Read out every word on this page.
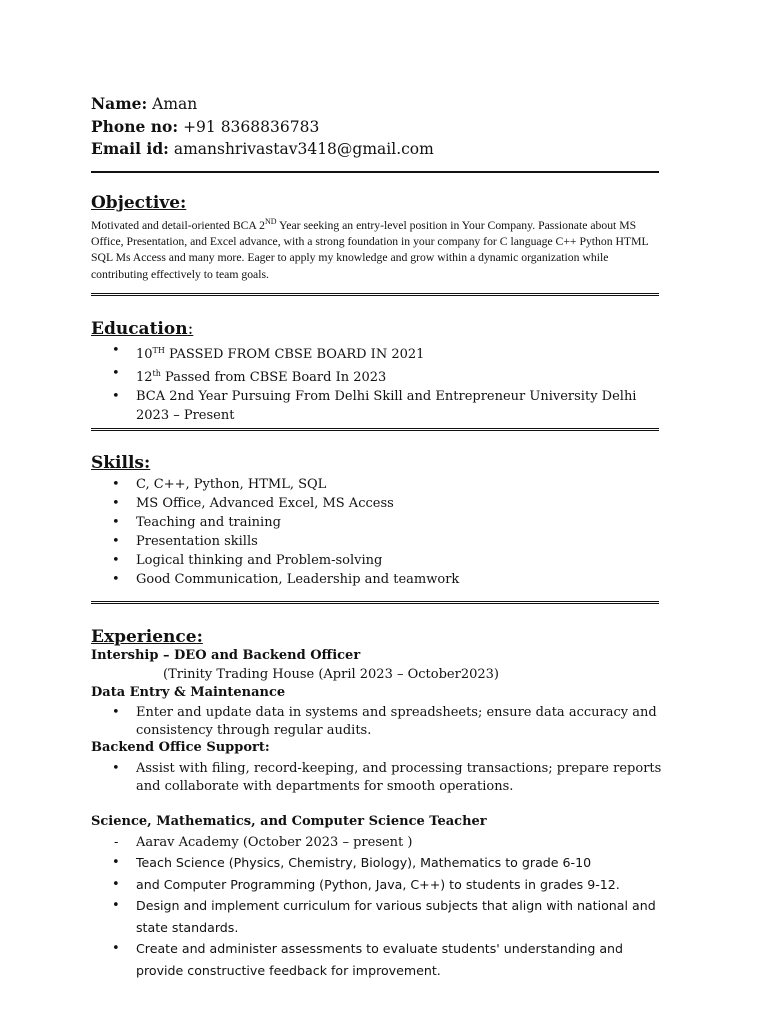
Name: Aman
Phone no: +91 8368836783
Email id: amanshrivastav3418@gmail.com
Objective:
Motivated and detail-oriented BCA 2ND Year seeking an entry-level position in Your Company. Passionate about MS Office, Presentation, and Excel advance, with a strong foundation in your company for C language C++ Python HTML SQL Ms Access and many more. Eager to apply my knowledge and grow within a dynamic organization while contributing effectively to team goals.
Education:
• 10TH PASSED FROM CBSE BOARD IN 2021
• 12th Passed from CBSE Board In 2023
• BCA 2nd Year Pursuing From Delhi Skill and Entrepreneur University Delhi 2023 – Present
Skills:
• C, C++, Python, HTML, SQL
• MS Office, Advanced Excel, MS Access
• Teaching and training
• Presentation skills
• Logical thinking and Problem-solving
• Good Communication, Leadership and teamwork
Experience:
Intership – DEO and Backend Officer
(Trinity Trading House (April 2023 – October2023)
Data Entry & Maintenance
• Enter and update data in systems and spreadsheets; ensure data accuracy and consistency through regular audits.
Backend Office Support:
• Assist with filing, record-keeping, and processing transactions; prepare reports and collaborate with departments for smooth operations.
Science, Mathematics, and Computer Science Teacher
- Aarav Academy (October 2023 – present )
• Teach Science (Physics, Chemistry, Biology), Mathematics to grade 6-10
• and Computer Programming (Python, Java, C++) to students in grades 9-12.
• Design and implement curriculum for various subjects that align with national and state standards.
• Create and administer assessments to evaluate students' understanding and provide constructive feedback for improvement.
